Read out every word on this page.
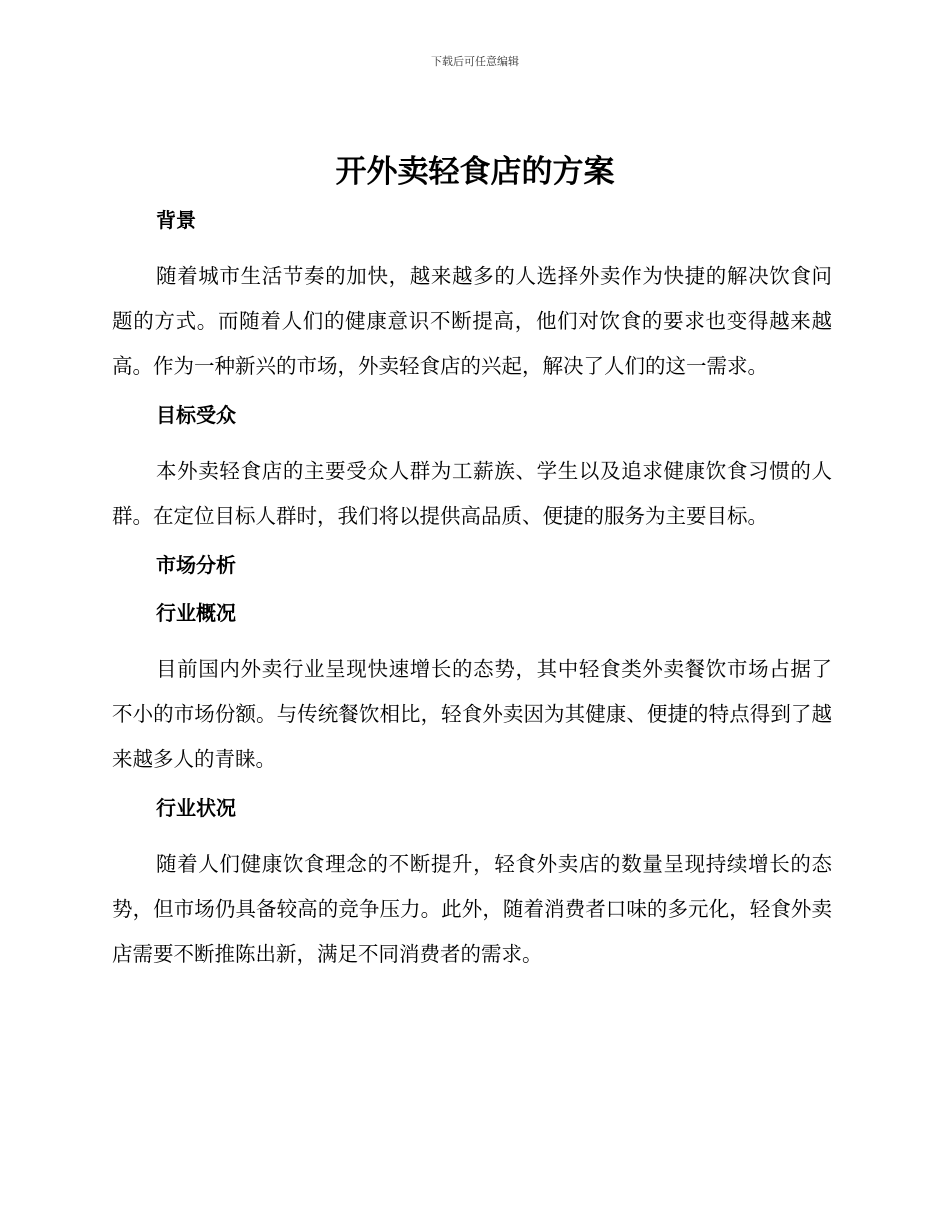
下载后可任意编辑
开外卖轻食店的方案
背景

随着城市生活节奏的加快，越来越多的人选择外卖作为快捷的解决饮食问题的方式。而随着人们的健康意识不断提高，他们对饮食的要求也变得越来越高。作为一种新兴的市场，外卖轻食店的兴起，解决了人们的这一需求。

目标受众

本外卖轻食店的主要受众人群为工薪族、学生以及追求健康饮食习惯的人群。在定位目标人群时，我们将以提供高品质、便捷的服务为主要目标。

市场分析
行业概况

目前国内外卖行业呈现快速增长的态势，其中轻食类外卖餐饮市场占据了不小的市场份额。与传统餐饮相比，轻食外卖因为其健康、便捷的特点得到了越来越多人的青睐。

行业状况

随着人们健康饮食理念的不断提升，轻食外卖店的数量呈现持续增长的态势，但市场仍具备较高的竞争压力。此外，随着消费者口味的多元化，轻食外卖店需要不断推陈出新，满足不同消费者的需求。
